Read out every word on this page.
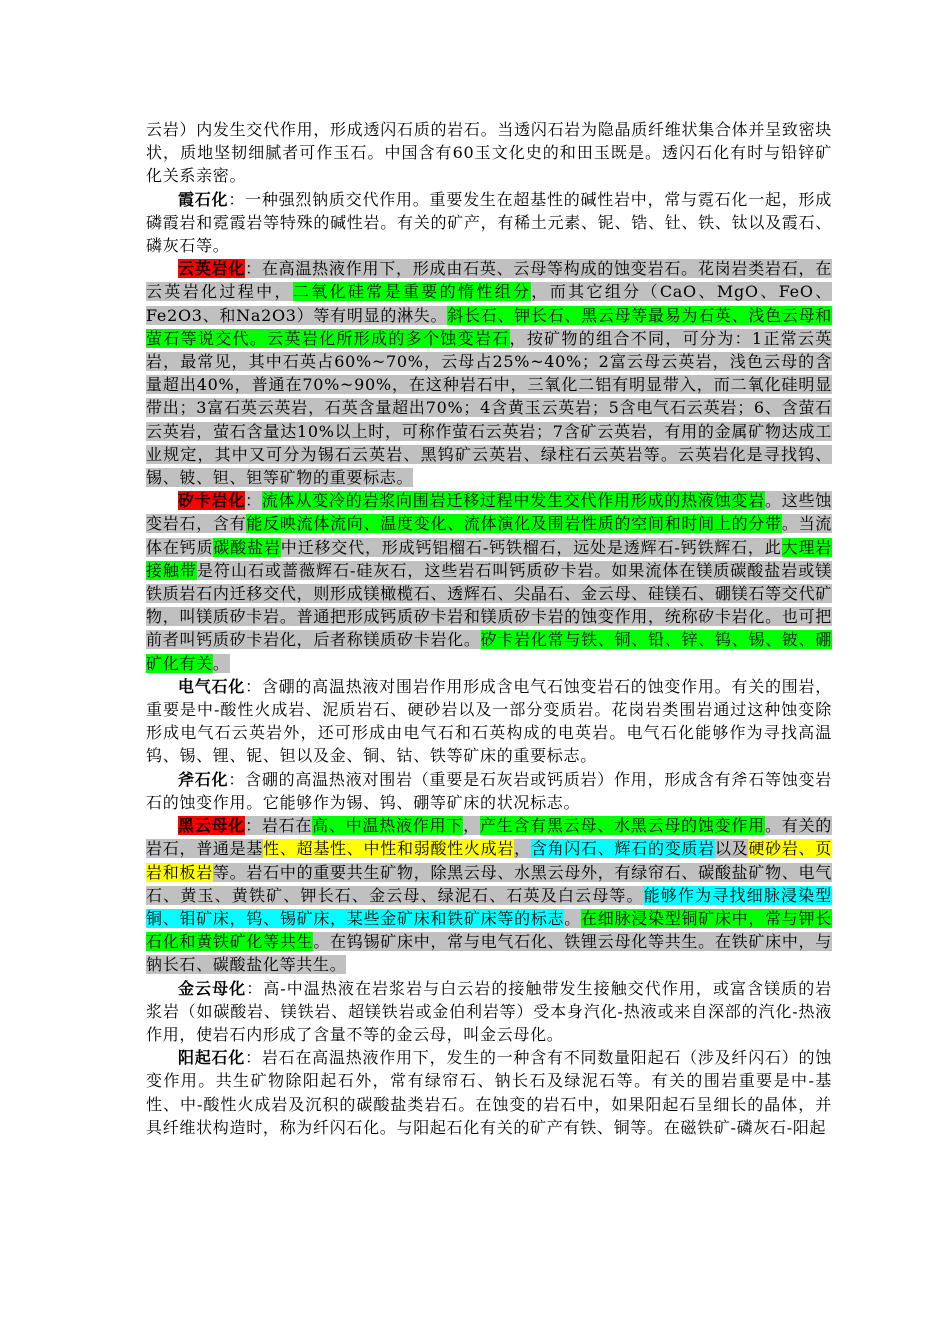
云岩）内发生交代作用，形成透闪石质的岩石。当透闪石岩为隐晶质纤维状集合体并呈致密块状，质地坚韧细腻者可作玉石。中国含有60玉文化史的和田玉既是。透闪石化有时与铅锌矿化关系亲密。

霞石化：一种强烈钠质交代作用。重要发生在超基性的碱性岩中，常与霓石化一起，形成磷霞岩和霓霞岩等特殊的碱性岩。有关的矿产，有稀土元素、铌、锆、钍、铁、钛以及霞石、磷灰石等。

云英岩化：在高温热液作用下，形成由石英、云母等构成的蚀变岩石。花岗岩类岩石，在云英岩化过程中，二氧化硅常是重要的惰性组分，而其它组分（CaO、MgO、FeO、Fe2O3、和Na2O3）等有明显的淋失。斜长石、钾长石、黑云母等最易为石英、浅色云母和萤石等说交代。云英岩化所形成的多个蚀变岩石，按矿物的组合不同，可分为：1正常云英岩，最常见，其中石英占60%~70%，云母占25%~40%；2富云母云英岩，浅色云母的含量超出40%，普通在70%~90%，在这种岩石中，三氧化二铝有明显带入，而二氧化硅明显带出；3富石英云英岩，石英含量超出70%；4含黄玉云英岩；5含电气石云英岩；6、含萤石云英岩，萤石含量达10%以上时，可称作萤石云英岩；7含矿云英岩，有用的金属矿物达成工业规定，其中又可分为锡石云英岩、黑钨矿云英岩、绿柱石云英岩等。云英岩化是寻找钨、锡、铍、钽、钽等矿物的重要标志。

矽卡岩化：流体从变冷的岩浆向围岩迁移过程中发生交代作用形成的热液蚀变岩。这些蚀变岩石，含有能反映流体流向、温度变化、流体演化及围岩性质的空间和时间上的分带。当流体在钙质碳酸盐岩中迁移交代，形成钙铝榴石-钙铁榴石，远处是透辉石-钙铁辉石，此大理岩接触带是符山石或蔷薇辉石-硅灰石，这些岩石叫钙质矽卡岩。如果流体在镁质碳酸盐岩或镁铁质岩石内迁移交代，则形成镁橄榄石、透辉石、尖晶石、金云母、硅镁石、硼镁石等交代矿物，叫镁质矽卡岩。普通把形成钙质矽卡岩和镁质矽卡岩的蚀变作用，统称矽卡岩化。也可把前者叫钙质矽卡岩化，后者称镁质矽卡岩化。矽卡岩化常与铁、铜、铅、锌、钨、锡、铍、硼矿化有关。

电气石化：含硼的高温热液对围岩作用形成含电气石蚀变岩石的蚀变作用。有关的围岩，重要是中-酸性火成岩、泥质岩石、硬砂岩以及一部分变质岩。花岗岩类围岩通过这种蚀变除形成电气石云英岩外，还可形成由电气石和石英构成的电英岩。电气石化能够作为寻找高温钨、锡、锂、铌、钽以及金、铜、钴、铁等矿床的重要标志。

斧石化：含硼的高温热液对围岩（重要是石灰岩或钙质岩）作用，形成含有斧石等蚀变岩石的蚀变作用。它能够作为锡、钨、硼等矿床的状况标志。

黑云母化：岩石在高、中温热液作用下，产生含有黑云母、水黑云母的蚀变作用。有关的岩石，普通是基性、超基性、中性和弱酸性火成岩，含角闪石、辉石的变质岩以及硬砂岩、页岩和板岩等。岩石中的重要共生矿物，除黑云母、水黑云母外，有绿帘石、碳酸盐矿物、电气石、黄玉、黄铁矿、钾长石、金云母、绿泥石、石英及白云母等。能够作为寻找细脉浸染型铜、钼矿床，钨、锡矿床，某些金矿床和铁矿床等的标志。在细脉浸染型铜矿床中，常与钾长石化和黄铁矿化等共生。在钨锡矿床中，常与电气石化、铁锂云母化等共生。在铁矿床中，与钠长石、碳酸盐化等共生。

金云母化：高-中温热液在岩浆岩与白云岩的接触带发生接触交代作用，或富含镁质的岩浆岩（如碳酸岩、镁铁岩、超镁铁岩或金伯利岩等）受本身汽化-热液或来自深部的汽化-热液作用，使岩石内形成了含量不等的金云母，叫金云母化。

阳起石化：岩石在高温热液作用下，发生的一种含有不同数量阳起石（涉及纤闪石）的蚀变作用。共生矿物除阳起石外，常有绿帘石、钠长石及绿泥石等。有关的围岩重要是中-基性、中-酸性火成岩及沉积的碳酸盐类岩石。在蚀变的岩石中，如果阳起石呈细长的晶体，并具纤维状构造时，称为纤闪石化。与阳起石化有关的矿产有铁、铜等。在磁铁矿-磷灰石-阳起
